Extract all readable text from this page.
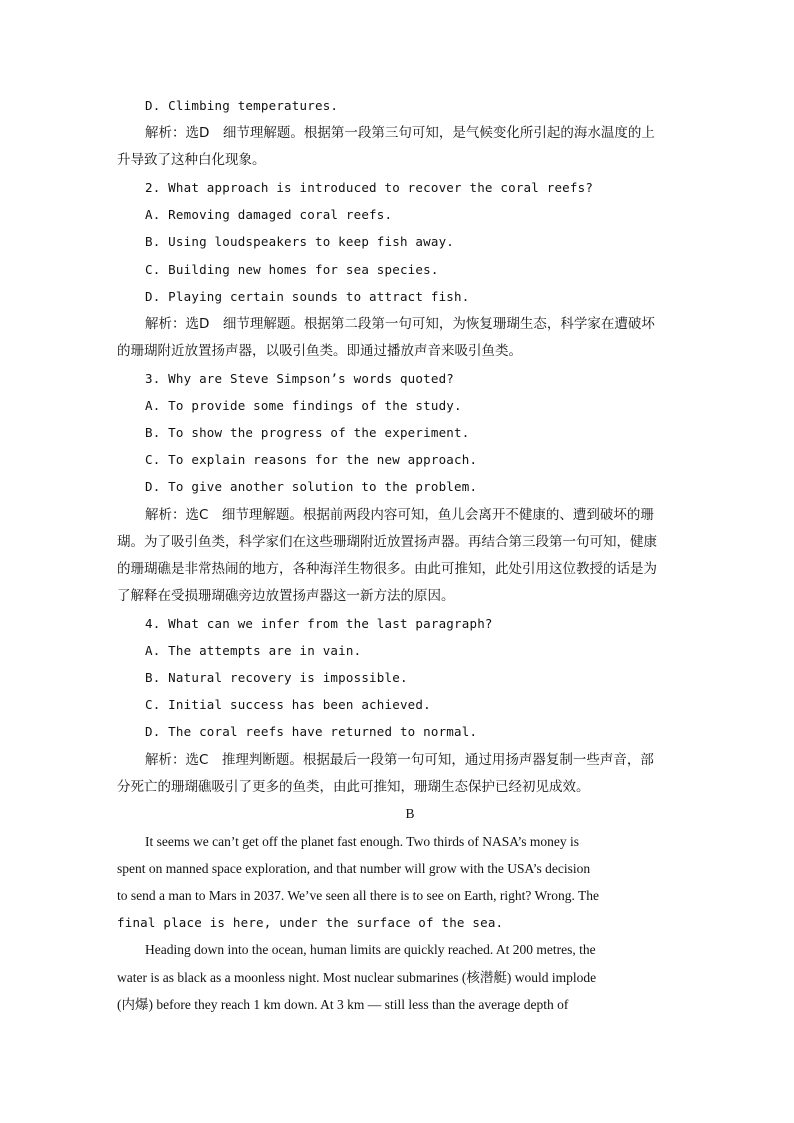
D. Climbing temperatures.
解析：选D　细节理解题。根据第一段第三句可知，是气候变化所引起的海水温度的上
升导致了这种白化现象。
2. What approach is introduced to recover the coral reefs?
A. Removing damaged coral reefs.
B. Using loudspeakers to keep fish away.
C. Building new homes for sea species.
D. Playing certain sounds to attract fish.
解析：选D　细节理解题。根据第二段第一句可知，为恢复珊瑚生态，科学家在遭破坏
的珊瑚附近放置扬声器，以吸引鱼类。即通过播放声音来吸引鱼类。
3. Why are Steve Simpson’s words quoted?
A. To provide some findings of the study.
B. To show the progress of the experiment.
C. To explain reasons for the new approach.
D. To give another solution to the problem.
解析：选C　细节理解题。根据前两段内容可知，鱼儿会离开不健康的、遭到破坏的珊
瑚。为了吸引鱼类，科学家们在这些珊瑚附近放置扬声器。再结合第三段第一句可知，健康
的珊瑚礁是非常热闹的地方，各种海洋生物很多。由此可推知，此处引用这位教授的话是为
了解释在受损珊瑚礁旁边放置扬声器这一新方法的原因。
4. What can we infer from the last paragraph?
A. The attempts are in vain.
B. Natural recovery is impossible.
C. Initial success has been achieved.
D. The coral reefs have returned to normal.
解析：选C　推理判断题。根据最后一段第一句可知，通过用扬声器复制一些声音，部
分死亡的珊瑚礁吸引了更多的鱼类，由此可推知，珊瑚生态保护已经初见成效。
B
It seems we can’t get off the planet fast enough. Two thirds of NASA’s money is
spent on manned space exploration, and that number will grow with the USA’s decision
to send a man to Mars in 2037. We’ve seen all there is to see on Earth, right? Wrong. The
final place is here, under the surface of the sea.
Heading down into the ocean, human limits are quickly reached. At 200 metres, the
water is as black as a moonless night. Most nuclear submarines (核潜艇) would implode
(内爆) before they reach 1 km down. At 3 km — still less than the average depth of
